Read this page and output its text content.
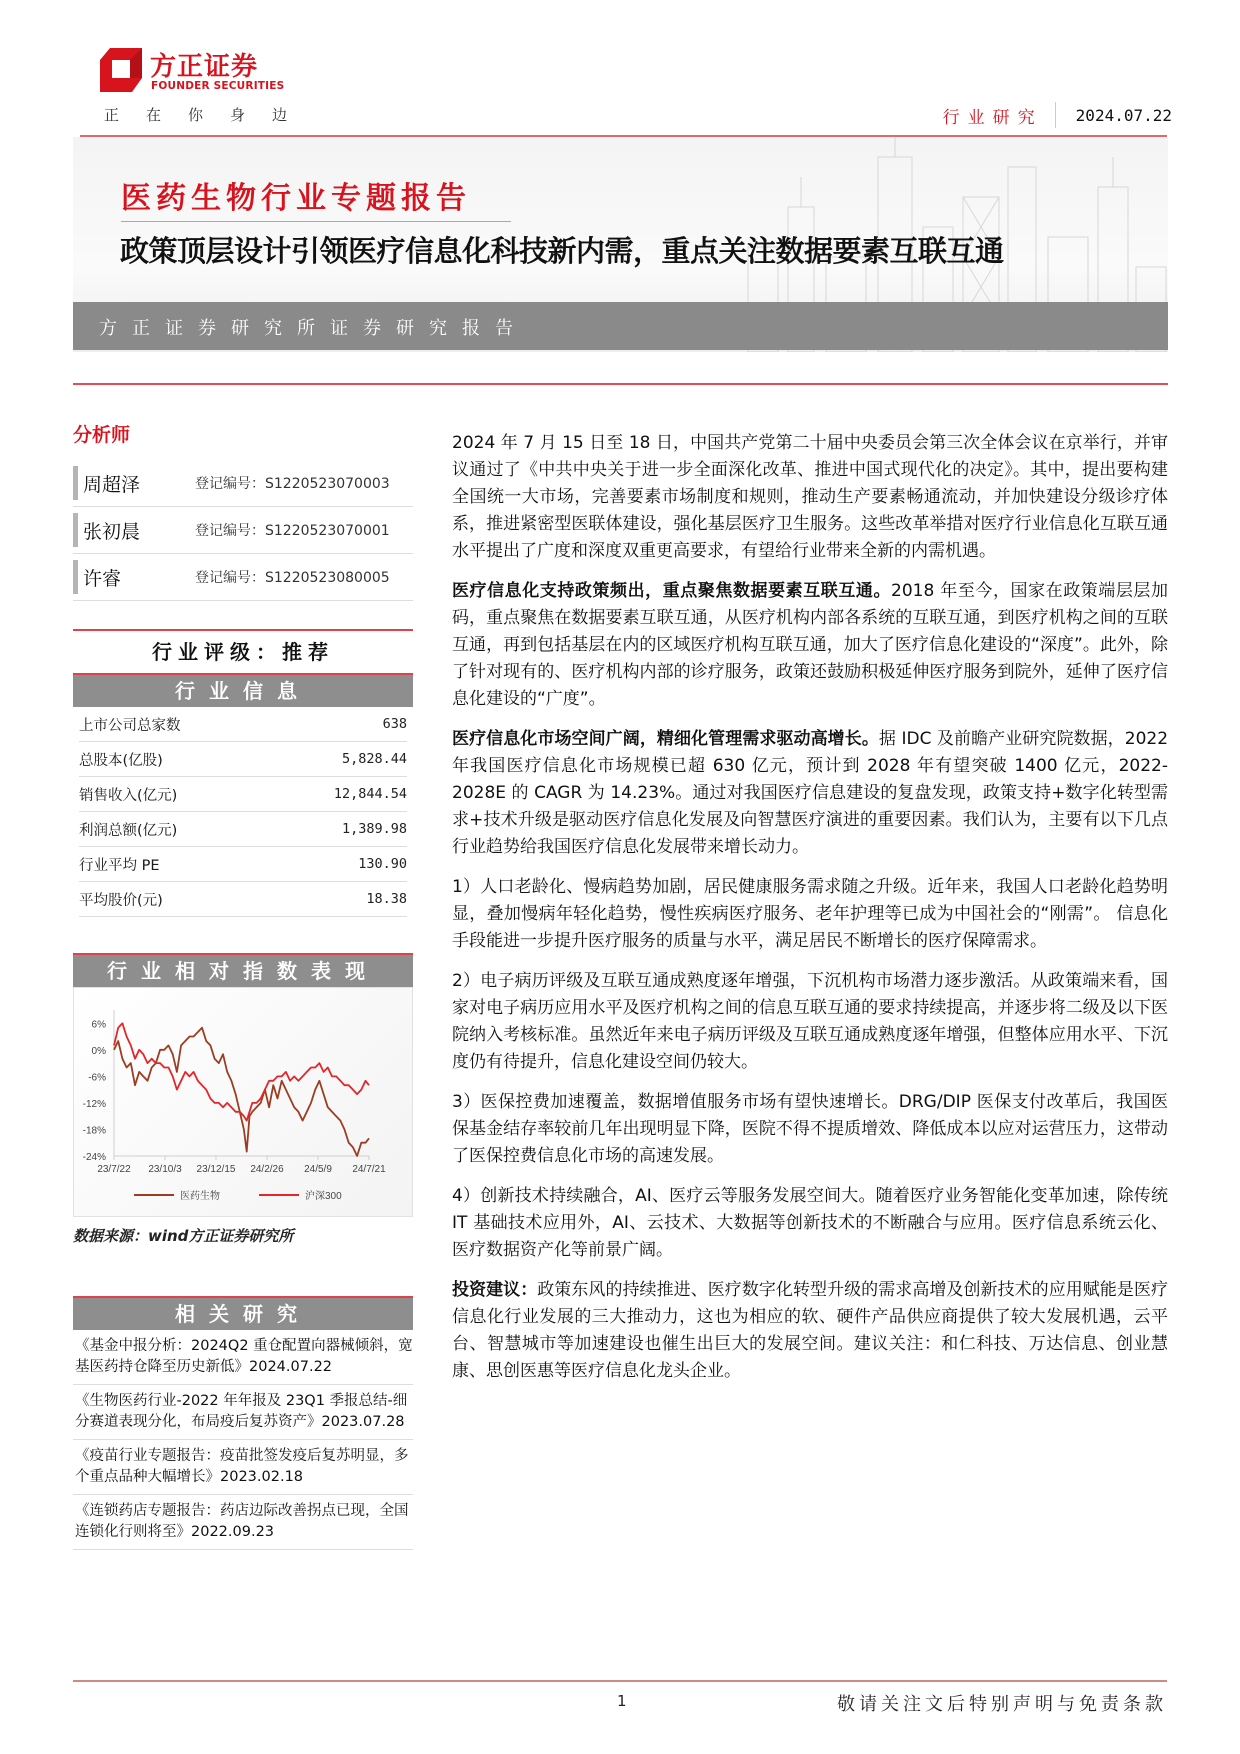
方正证券
FOUNDER SECURITIES
正在你身边	行业研究	2024.07.22
医药生物行业专题报告
政策顶层设计引领医疗信息化科技新内需，重点关注数据要素互联互通
方正证券研究所证券研究报告
分析师
周超泽	登记编号：S1220523070003
张初晨	登记编号：S1220523070001
许睿	登记编号：S1220523080005
行业评级：推荐
行业信息
上市公司总家数	638
总股本(亿股)	5,828.44
销售收入(亿元)	12,844.54
利润总额(亿元)	1,389.98
行业平均 PE	130.90
平均股价(元)	18.38
行业相对指数表现
6%
0%
-6%
-12%
-18%
-24%
23/7/22 23/10/3 23/12/15 24/2/26 24/5/9 24/7/21
医药生物	沪深300
数据来源：wind方正证券研究所
相关研究
《基金中报分析：2024Q2 重仓配置向器械倾斜，宽基医药持仓降至历史新低》2024.07.22
《生物医药行业-2022 年年报及 23Q1 季报总结-细分赛道表现分化，布局疫后复苏资产》2023.07.28
《疫苗行业专题报告：疫苗批签发疫后复苏明显，多个重点品种大幅增长》2023.02.18
《连锁药店专题报告：药店边际改善拐点已现，全国连锁化行则将至》2022.09.23

2024 年 7 月 15 日至 18 日，中国共产党第二十届中央委员会第三次全体会议在京举行，并审议通过了《中共中央关于进一步全面深化改革、推进中国式现代化的决定》。其中，提出要构建全国统一大市场，完善要素市场制度和规则，推动生产要素畅通流动，并加快建设分级诊疗体系，推进紧密型医联体建设，强化基层医疗卫生服务。这些改革举措对医疗行业信息化互联互通水平提出了广度和深度双重更高要求，有望给行业带来全新的内需机遇。

医疗信息化支持政策频出，重点聚焦数据要素互联互通。2018 年至今，国家在政策端层层加码，重点聚焦在数据要素互联互通，从医疗机构内部各系统的互联互通，到医疗机构之间的互联互通，再到包括基层在内的区域医疗机构互联互通，加大了医疗信息化建设的“深度”。此外，除了针对现有的、医疗机构内部的诊疗服务，政策还鼓励积极延伸医疗服务到院外，延伸了医疗信息化建设的“广度”。

医疗信息化市场空间广阔，精细化管理需求驱动高增长。据 IDC 及前瞻产业研究院数据，2022 年我国医疗信息化市场规模已超 630 亿元，预计到 2028 年有望突破 1400 亿元，2022-2028E 的 CAGR 为 14.23%。通过对我国医疗信息建设的复盘发现，政策支持+数字化转型需求+技术升级是驱动医疗信息化发展及向智慧医疗演进的重要因素。我们认为，主要有以下几点行业趋势给我国医疗信息化发展带来增长动力。

1）人口老龄化、慢病趋势加剧，居民健康服务需求随之升级。近年来，我国人口老龄化趋势明显，叠加慢病年轻化趋势，慢性疾病医疗服务、老年护理等已成为中国社会的“刚需”。 信息化手段能进一步提升医疗服务的质量与水平，满足居民不断增长的医疗保障需求。

2）电子病历评级及互联互通成熟度逐年增强，下沉机构市场潜力逐步激活。从政策端来看，国家对电子病历应用水平及医疗机构之间的信息互联互通的要求持续提高，并逐步将二级及以下医院纳入考核标准。虽然近年来电子病历评级及互联互通成熟度逐年增强，但整体应用水平、下沉度仍有待提升，信息化建设空间仍较大。

3）医保控费加速覆盖，数据增值服务市场有望快速增长。DRG/DIP 医保支付改革后，我国医保基金结存率较前几年出现明显下降，医院不得不提质增效、降低成本以应对运营压力，这带动了医保控费信息化市场的高速发展。

4）创新技术持续融合，AI、医疗云等服务发展空间大。随着医疗业务智能化变革加速，除传统 IT 基础技术应用外，AI、云技术、大数据等创新技术的不断融合与应用。医疗信息系统云化、医疗数据资产化等前景广阔。

投资建议：政策东风的持续推进、医疗数字化转型升级的需求高增及创新技术的应用赋能是医疗信息化行业发展的三大推动力，这也为相应的软、硬件产品供应商提供了较大发展机遇，云平台、智慧城市等加速建设也催生出巨大的发展空间。建议关注：和仁科技、万达信息、创业慧康、思创医惠等医疗信息化龙头企业。

1	敬请关注文后特别声明与免责条款
